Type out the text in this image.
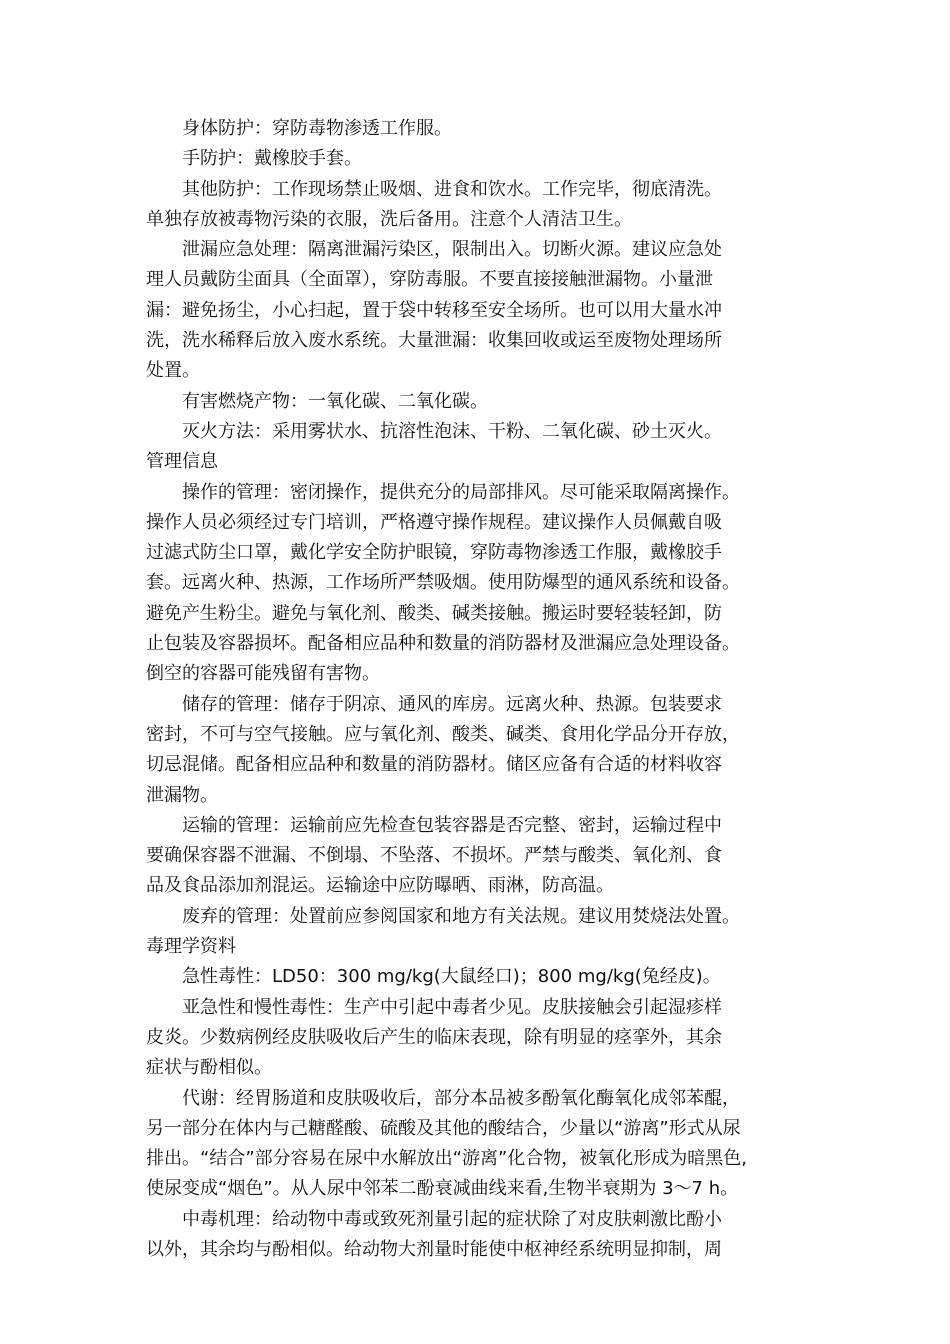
身体防护：穿防毒物渗透工作服。
手防护：戴橡胶手套。
其他防护：工作现场禁止吸烟、进食和饮水。工作完毕，彻底清洗。
单独存放被毒物污染的衣服，洗后备用。注意个人清洁卫生。
泄漏应急处理：隔离泄漏污染区，限制出入。切断火源。建议应急处
理人员戴防尘面具（全面罩），穿防毒服。不要直接接触泄漏物。小量泄
漏：避免扬尘，小心扫起，置于袋中转移至安全场所。也可以用大量水冲
洗，洗水稀释后放入废水系统。大量泄漏：收集回收或运至废物处理场所
处置。
有害燃烧产物：一氧化碳、二氧化碳。
灭火方法：采用雾状水、抗溶性泡沫、干粉、二氧化碳、砂土灭火。
管理信息
操作的管理：密闭操作，提供充分的局部排风。尽可能采取隔离操作。
操作人员必须经过专门培训，严格遵守操作规程。建议操作人员佩戴自吸
过滤式防尘口罩，戴化学安全防护眼镜，穿防毒物渗透工作服，戴橡胶手
套。远离火种、热源，工作场所严禁吸烟。使用防爆型的通风系统和设备。
避免产生粉尘。避免与氧化剂、酸类、碱类接触。搬运时要轻装轻卸，防
止包装及容器损坏。配备相应品种和数量的消防器材及泄漏应急处理设备。
倒空的容器可能残留有害物。
储存的管理：储存于阴凉、通风的库房。远离火种、热源。包装要求
密封，不可与空气接触。应与氧化剂、酸类、碱类、食用化学品分开存放，
切忌混储。配备相应品种和数量的消防器材。储区应备有合适的材料收容
泄漏物。
运输的管理：运输前应先检查包装容器是否完整、密封，运输过程中
要确保容器不泄漏、不倒塌、不坠落、不损坏。严禁与酸类、氧化剂、食
品及食品添加剂混运。运输途中应防曝晒、雨淋，防高温。
废弃的管理：处置前应参阅国家和地方有关法规。建议用焚烧法处置。
毒理学资料
急性毒性：LD50：300 mg/kg(大鼠经口)；800 mg/kg(兔经皮)。
亚急性和慢性毒性：生产中引起中毒者少见。皮肤接触会引起湿疹样
皮炎。少数病例经皮肤吸收后产生的临床表现，除有明显的痉挛外，其余
症状与酚相似。
代谢：经胃肠道和皮肤吸收后，部分本品被多酚氧化酶氧化成邻苯醌，
另一部分在体内与己糖醛酸、硫酸及其他的酸结合，少量以“游离”形式从尿
排出。“结合”部分容易在尿中水解放出“游离”化合物，被氧化形成为暗黑色,
使尿变成“烟色”。从人尿中邻苯二酚衰减曲线来看,生物半衰期为 3～7 h。
中毒机理：给动物中毒或致死剂量引起的症状除了对皮肤刺激比酚小
以外，其余均与酚相似。给动物大剂量时能使中枢神经系统明显抑制，周
